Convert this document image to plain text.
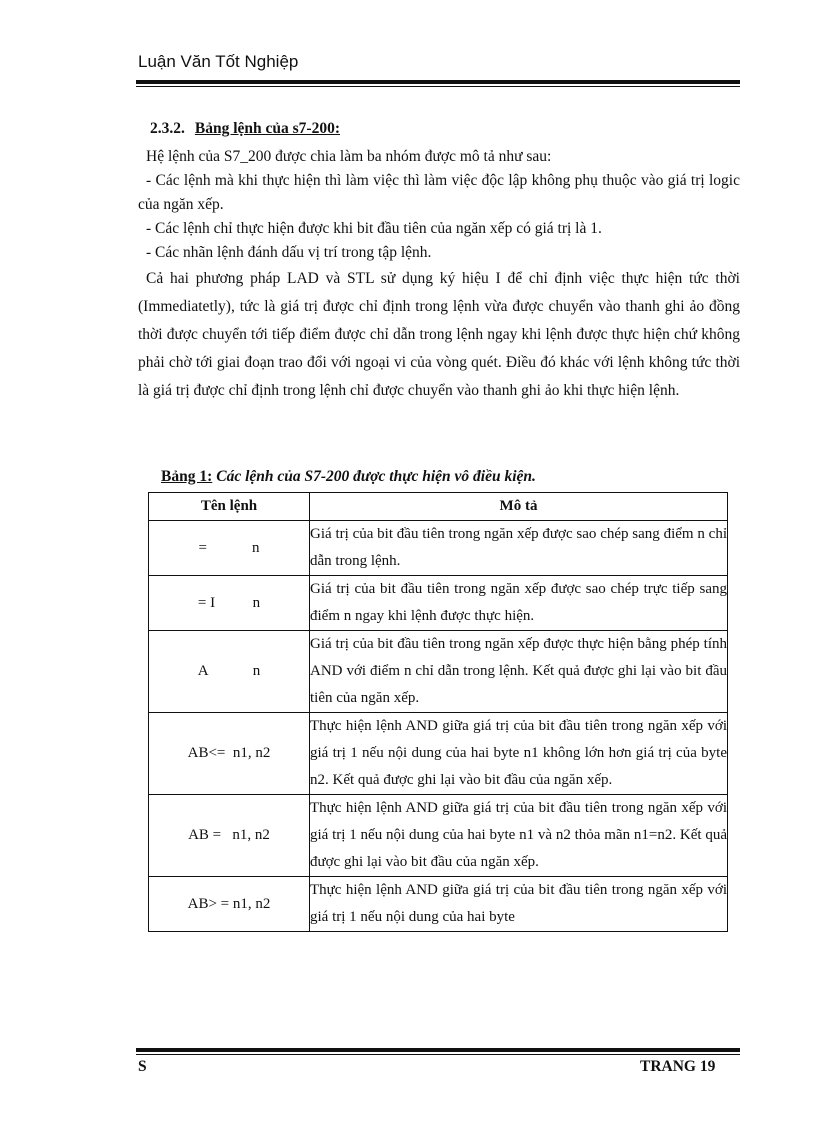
Luận Văn Tốt Nghiệp
2.3.2. Bảng lệnh của s7-200:

Hệ lệnh của S7_200 được chia làm ba nhóm được mô tả như sau:

- Các lệnh mà khi thực hiện thì làm việc thì làm việc độc lập không phụ thuộc vào giá trị logic của ngăn xếp.

- Các lệnh chỉ thực hiện được khi bit đầu tiên của ngăn xếp có giá trị là 1.

- Các nhãn lệnh đánh dấu vị trí trong tập lệnh.

Cả hai phương pháp LAD và STL sử dụng ký hiệu I để chỉ định việc thực hiện tức thời (Immediatetly), tức là giá trị được chỉ định trong lệnh vừa được chuyển vào thanh ghi ảo đồng thời được chuyển tới tiếp điểm được chỉ dẫn trong lệnh ngay khi lệnh được thực hiện chứ không phải chờ tới giai đoạn trao đổi với ngoại vi của vòng quét. Điều đó khác với lệnh không tức thời là giá trị được chỉ định trong lệnh chỉ được chuyển vào thanh ghi ảo khi thực hiện lệnh.

Bảng 1: Các lệnh của S7-200 được thực hiện vô điều kiện.
Tên lệnh	Mô tả
=            n	Giá trị của bit đầu tiên trong ngăn xếp được sao chép sang điểm n chỉ dẫn trong lệnh.
= I          n	Giá trị của bit đầu tiên trong ngăn xếp được sao chép trực tiếp sang điểm n ngay khi lệnh được thực hiện.
A            n	Giá trị của bit đầu tiên trong ngăn xếp được thực hiện bằng phép tính AND với điểm n chỉ dẫn trong lệnh. Kết quả được ghi lại vào bit đầu tiên của ngăn xếp.
AB<=  n1, n2	Thực hiện lệnh AND giữa giá trị của bit đầu tiên trong ngăn xếp với giá trị 1 nếu nội dung của hai byte n1 không lớn hơn giá trị của byte n2. Kết quả được ghi lại vào bit đầu của ngăn xếp.
AB =   n1, n2	Thực hiện lệnh AND giữa giá trị của bit đầu tiên trong ngăn xếp với giá trị 1 nếu nội dung của hai byte n1 và n2 thỏa mãn n1=n2. Kết quả được ghi lại vào bit đầu của ngăn xếp.
AB> = n1, n2	Thực hiện lệnh AND giữa giá trị của bit đầu tiên trong ngăn xếp với giá trị 1 nếu nội dung của hai byte
S	TRANG 19
